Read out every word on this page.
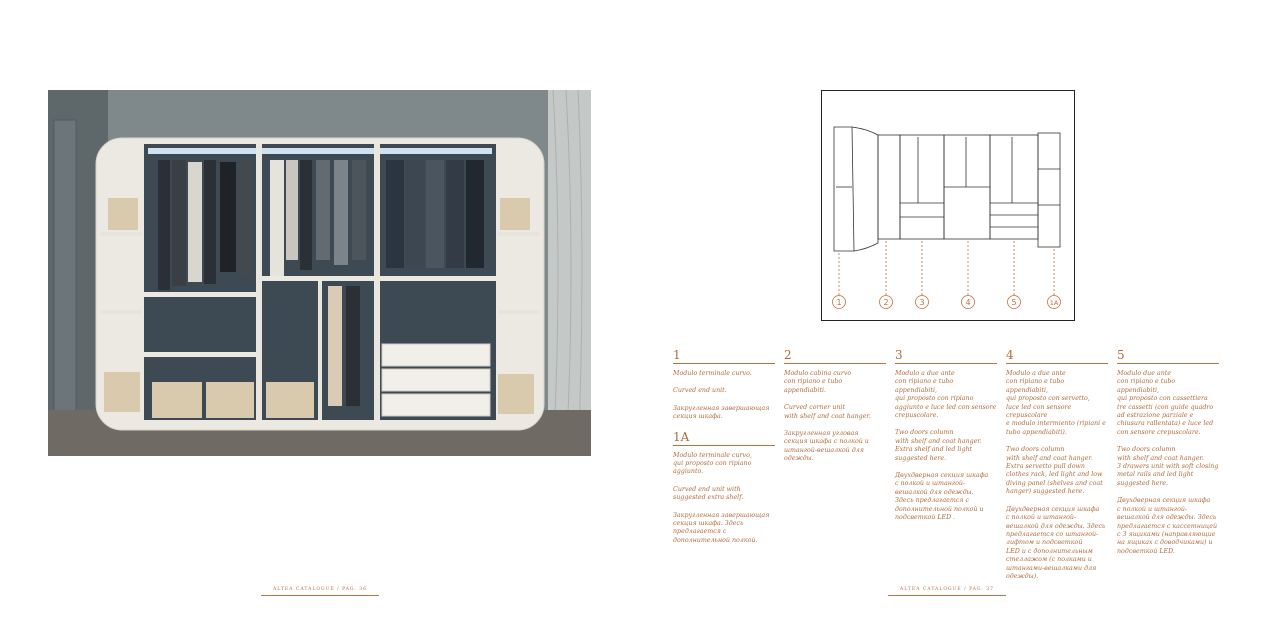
1	2	3	4	5	1A
1
Modulo terminale curvo.
Curved end unit.
Закругленная завершающая
секция шкафа.
1A
Modulo terminale curvo,
qui proposto con ripiano
aggiunto.
Curved end unit with
suggested extra shelf.
Закругленная завершающая
секция шкафа. Здесь
предлагается с
дополнительной полкой.
2
Modulo cabina curvo
con ripiano e tubo appendiabiti.
Curved corner unit
with shelf and coat hanger.
Закругленная угловая
секция шкафа с полкой и
штангой-вешалкой для
одежды.
3
Modulo a due ante
con ripiano e tubo appendiabiti,
qui proposto con ripiano
aggiunto e luce led con sensore
crepuscolare.
Two doors column
with shelf and coat hanger.
Extra shelf and led light
suggested here.
Двухдверная секция шкафа
с полкой и штангой-
вешалкой для одежды.
Здесь предлагается с
дополнительной полкой и
подсветкой LED .
4
Modulo a due ante
con ripiano e tubo appendiabiti,
qui proposto con servetto,
luce led con sensore crepuscolare
e modulo intermiento (ripiani e
tubo appendiabiti).
Two doors column
with shelf and coat hanger.
Extra servetto pull down
clothes rack, led light and low
diving panel (shelves and coat
hanger) suggested here.
Двухдверная секция шкафа
с полкой и штангой-
вешалкой для одежды. Здесь
предлагается со штангой-
лифтом и подсветкой
LED и с дополнительным
стеллажом (с полками и
штангами-вешалками для
одежды).
5
Modulo due ante
con ripiano e tubo appendiabiti,
qui proposto con cassettiera
tre cassetti (con guide quadro
ad estrazione parziale e
chiusura rallentata) e luce led
con sensore crepuscolare.
Two doors column
with shelf and coat hanger.
3 drawers unit with soft closing
metal rails and led light
suggested here.
Двухдверная секция шкафа
с полкой и штангой-
вешалкой для одежды. Здесь
предлагается с кассетницей
с 3 ящиками (направляющие
на ящиках с доводчиками) и
подсветкой LED.
ALTEA CATALOGUE / PAG. 36	ALTEA CATALOGUE / PAG. 37
